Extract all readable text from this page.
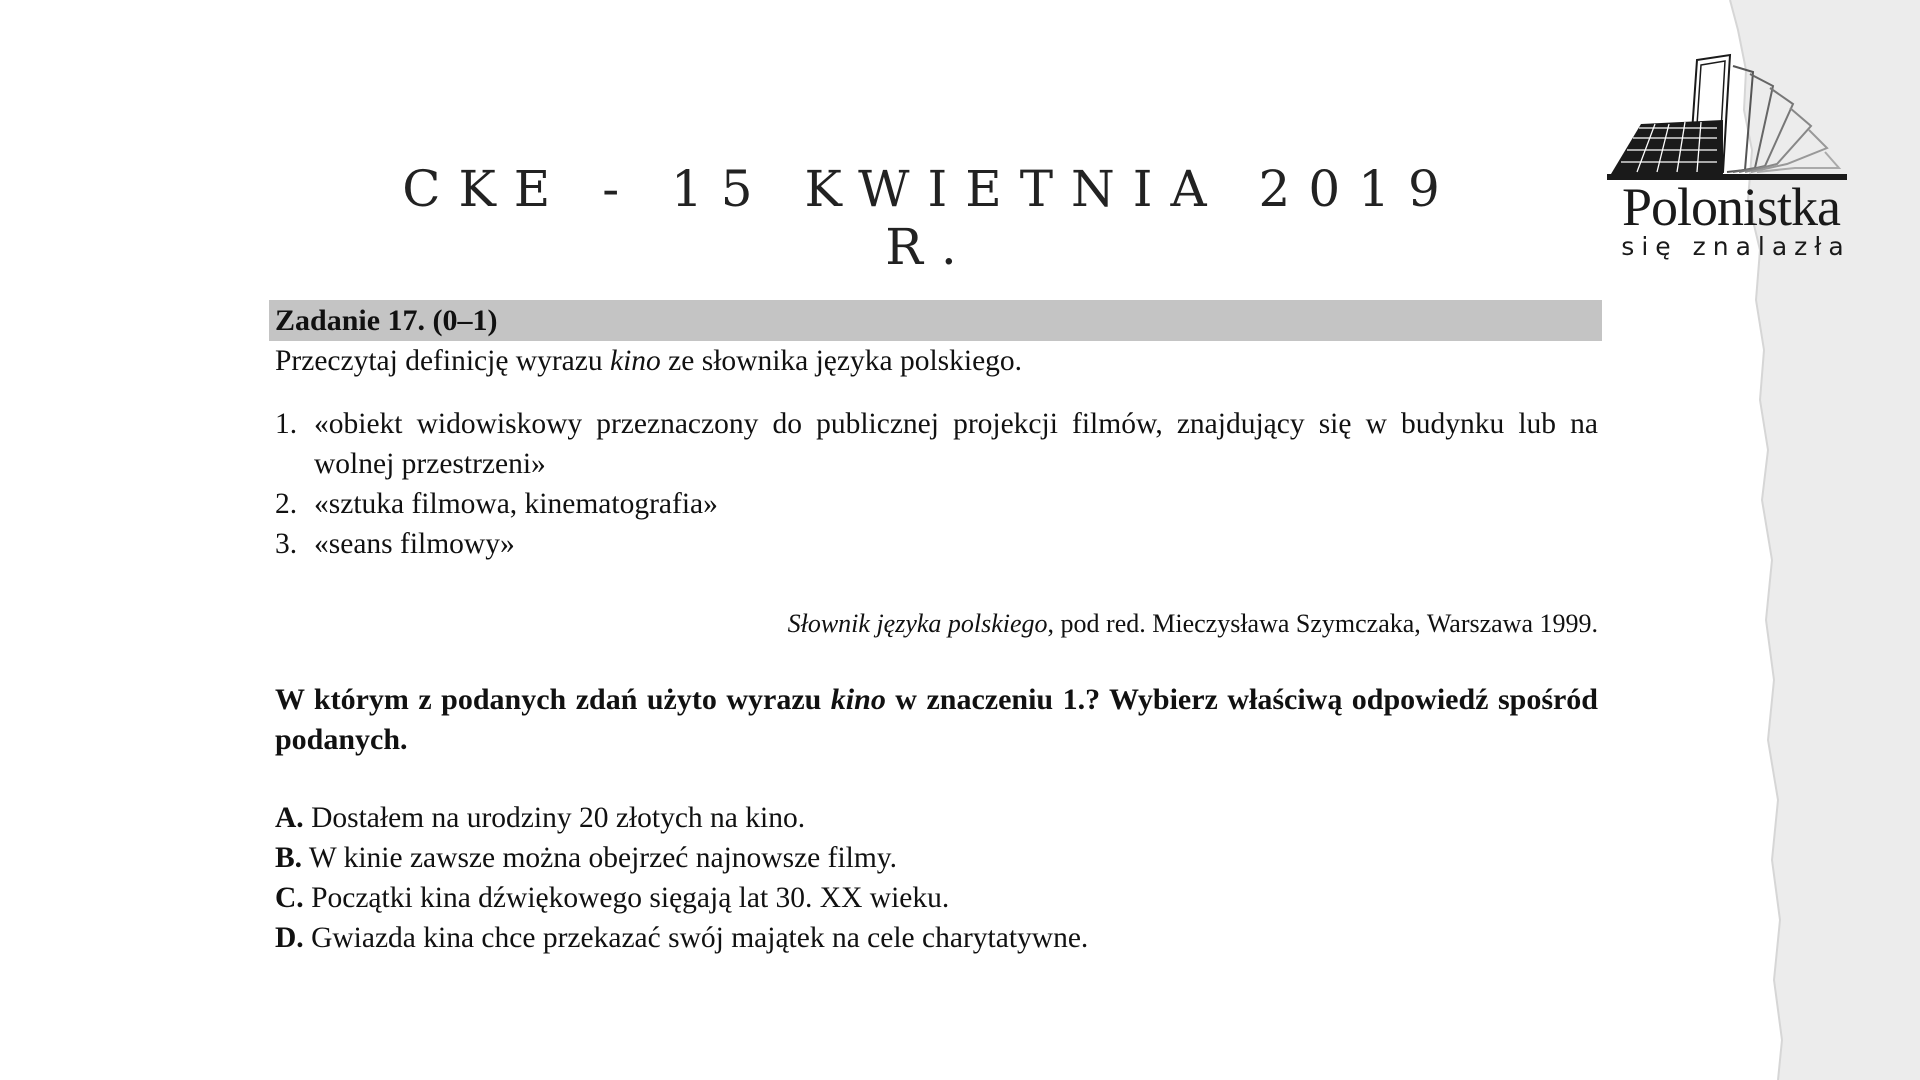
CKE - 15 KWIETNIA 2019 R.
Polonistka
się znalazła
Zadanie 17. (0–1)
Przeczytaj definicję wyrazu kino ze słownika języka polskiego.
1. «obiekt widowiskowy przeznaczony do publicznej projekcji filmów, znajdujący się w budynku lub na wolnej przestrzeni»
2. «sztuka filmowa, kinematografia»
3. «seans filmowy»
Słownik języka polskiego, pod red. Mieczysława Szymczaka, Warszawa 1999.
W którym z podanych zdań użyto wyrazu kino w znaczeniu 1.? Wybierz właściwą odpowiedź spośród podanych.
A. Dostałem na urodziny 20 złotych na kino.
B. W kinie zawsze można obejrzeć najnowsze filmy.
C. Początki kina dźwiękowego sięgają lat 30. XX wieku.
D. Gwiazda kina chce przekazać swój majątek na cele charytatywne.
